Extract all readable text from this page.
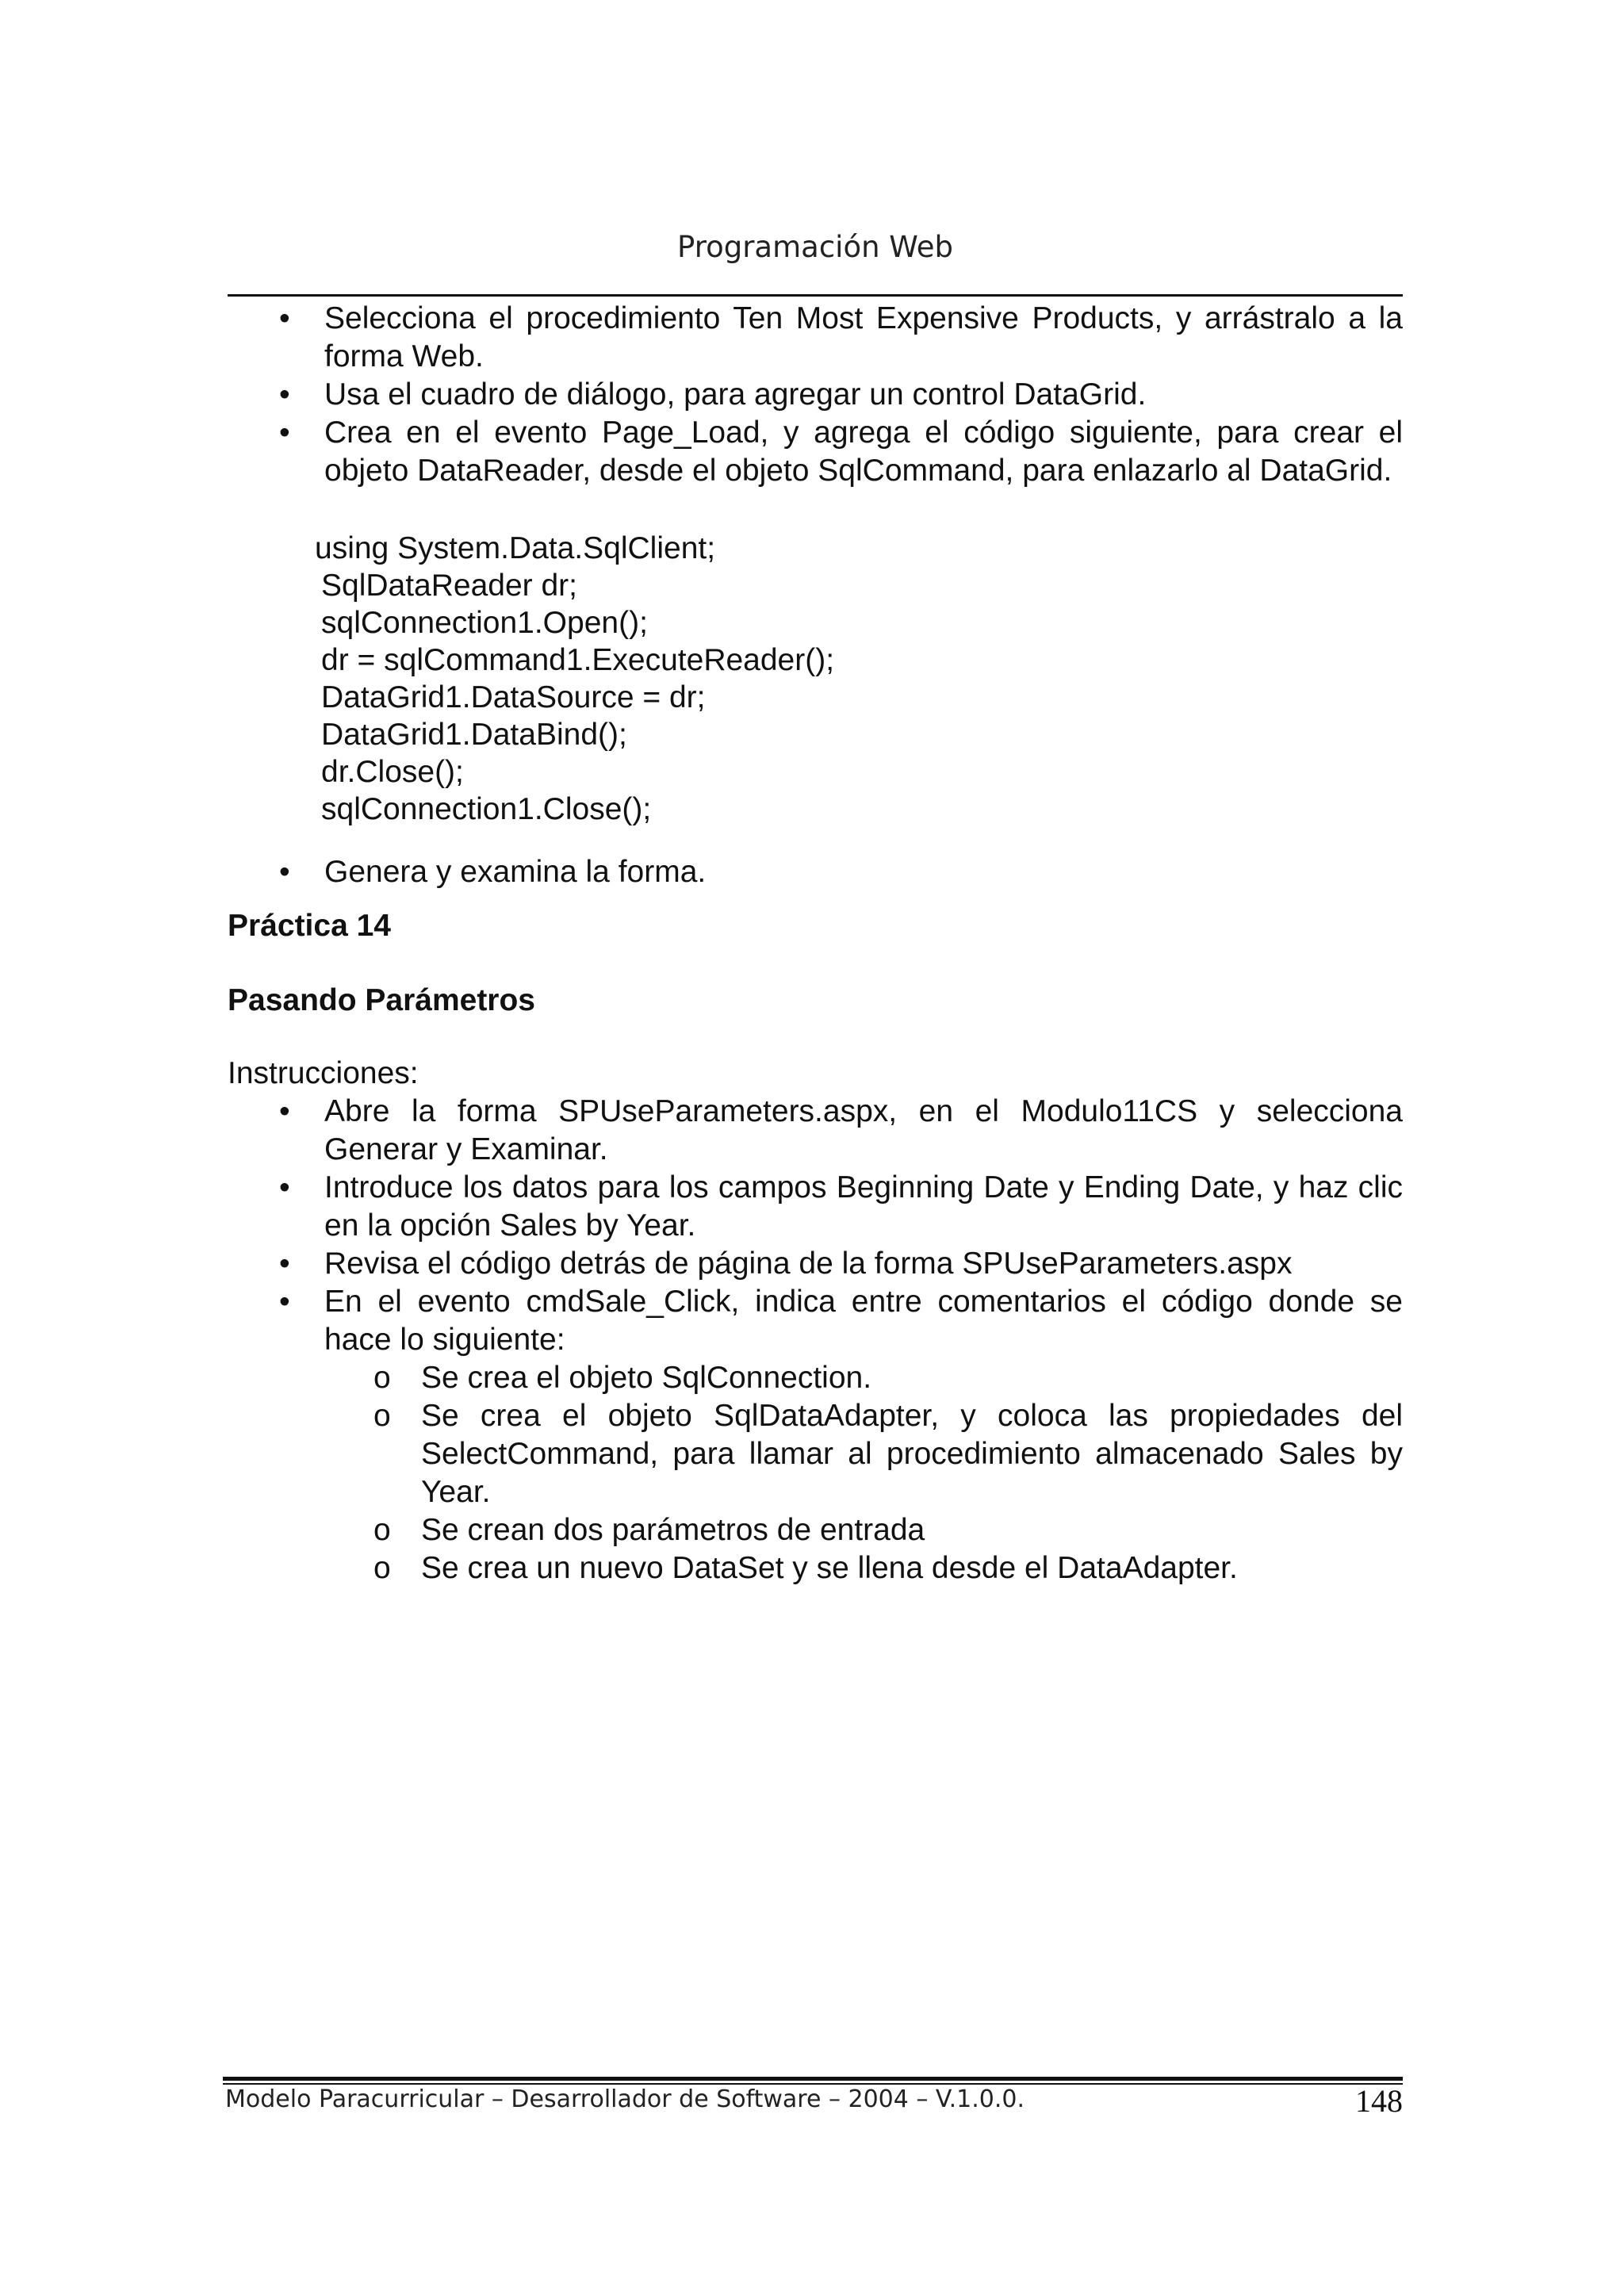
Programación Web
•	Selecciona el procedimiento Ten Most Expensive Products, y arrástralo a la forma Web.
•	Usa el cuadro de diálogo, para agregar un control DataGrid.
•	Crea en el evento Page_Load, y agrega el código siguiente, para crear el objeto DataReader, desde el objeto SqlCommand, para enlazarlo al DataGrid.
using System.Data.SqlClient;
SqlDataReader dr;
sqlConnection1.Open();
dr = sqlCommand1.ExecuteReader();
DataGrid1.DataSource = dr;
DataGrid1.DataBind();
dr.Close();
sqlConnection1.Close();
•	Genera y examina la forma.
Práctica 14
Pasando Parámetros
Instrucciones:
•	Abre la forma SPUseParameters.aspx, en el Modulo11CS y selecciona Generar y Examinar.
•	Introduce los datos para los campos Beginning Date y Ending Date, y haz clic en la opción Sales by Year.
•	Revisa el código detrás de página de la forma SPUseParameters.aspx
•	En el evento cmdSale_Click, indica entre comentarios el código donde se hace lo siguiente:
o Se crea el objeto SqlConnection.
o Se crea el objeto SqlDataAdapter, y coloca las propiedades del SelectCommand, para llamar al procedimiento almacenado Sales by Year.
o Se crean dos parámetros de entrada
o Se crea un nuevo DataSet y se llena desde el DataAdapter.
Modelo Paracurricular – Desarrollador de Software – 2004 – V.1.0.0.	148
